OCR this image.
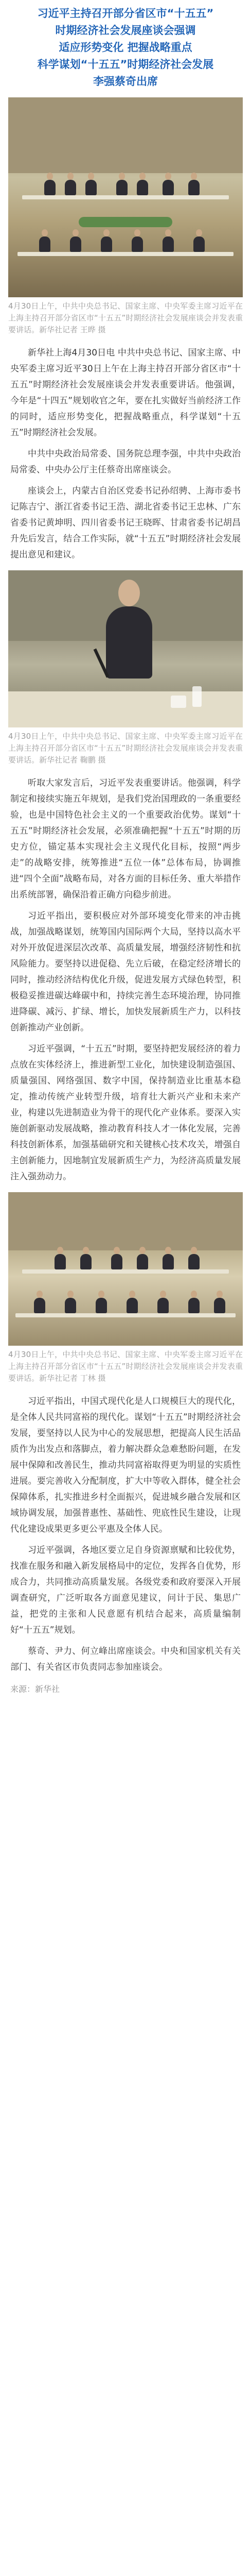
习近平主持召开部分省区市“十五五”
时期经济社会发展座谈会强调
适应形势变化 把握战略重点
科学谋划“十五五”时期经济社会发展
李强蔡奇出席
4月30日上午，中共中央总书记、国家主席、中央军委主席习近平在上海主持召开部分省区市“十五五”时期经济社会发展座谈会并发表重要讲话。新华社记者 王晔 摄

新华社上海4月30日电 中共中央总书记、国家主席、中央军委主席习近平30日上午在上海主持召开部分省区市“十五五”时期经济社会发展座谈会并发表重要讲话。他强调，今年是“十四五”规划收官之年，要在扎实做好当前经济工作的同时，适应形势变化，把握战略重点，科学谋划“十五五”时期经济社会发展。

中共中央政治局常委、国务院总理李强，中共中央政治局常委、中央办公厅主任蔡奇出席座谈会。

座谈会上，内蒙古自治区党委书记孙绍骋、上海市委书记陈吉宁、浙江省委书记王浩、湖北省委书记王忠林、广东省委书记黄坤明、四川省委书记王晓晖、甘肃省委书记胡昌升先后发言，结合工作实际，就“十五五”时期经济社会发展提出意见和建议。

4月30日上午，中共中央总书记、国家主席、中央军委主席习近平在上海主持召开部分省区市“十五五”时期经济社会发展座谈会并发表重要讲话。新华社记者 鞠鹏 摄

听取大家发言后，习近平发表重要讲话。他强调，科学制定和接续实施五年规划，是我们党治国理政的一条重要经验，也是中国特色社会主义的一个重要政治优势。谋划“十五五”时期经济社会发展，必须准确把握“十五五”时期的历史方位，锚定基本实现社会主义现代化目标，按照“两步走”的战略安排，统筹推进“五位一体”总体布局，协调推进“四个全面”战略布局，对各方面的目标任务、重大举措作出系统部署，确保沿着正确方向稳步前进。

习近平指出，要积极应对外部环境变化带来的冲击挑战，加强战略谋划，统筹国内国际两个大局，坚持以高水平对外开放促进深层次改革、高质量发展，增强经济韧性和抗风险能力。要坚持以进促稳、先立后破，在稳定经济增长的同时，推动经济结构优化升级，促进发展方式绿色转型，积极稳妥推进碳达峰碳中和，持续完善生态环境治理，协同推进降碳、减污、扩绿、增长，加快发展新质生产力，以科技创新推动产业创新。

习近平强调，“十五五”时期，要坚持把发展经济的着力点放在实体经济上，推进新型工业化，加快建设制造强国、质量强国、网络强国、数字中国，保持制造业比重基本稳定，推动传统产业转型升级，培育壮大新兴产业和未来产业，构建以先进制造业为骨干的现代化产业体系。要深入实施创新驱动发展战略，推动教育科技人才一体化发展，完善科技创新体系，加强基础研究和关键核心技术攻关，增强自主创新能力，因地制宜发展新质生产力，为经济高质量发展注入强劲动力。

4月30日上午，中共中央总书记、国家主席、中央军委主席习近平在上海主持召开部分省区市“十五五”时期经济社会发展座谈会并发表重要讲话。新华社记者 丁林 摄

习近平指出，中国式现代化是人口规模巨大的现代化，是全体人民共同富裕的现代化。谋划“十五五”时期经济社会发展，要坚持以人民为中心的发展思想，把提高人民生活品质作为出发点和落脚点，着力解决群众急难愁盼问题，在发展中保障和改善民生，推动共同富裕取得更为明显的实质性进展。要完善收入分配制度，扩大中等收入群体，健全社会保障体系，扎实推进乡村全面振兴，促进城乡融合发展和区域协调发展，加强普惠性、基础性、兜底性民生建设，让现代化建设成果更多更公平惠及全体人民。

习近平强调，各地区要立足自身资源禀赋和比较优势，找准在服务和融入新发展格局中的定位，发挥各自优势，形成合力，共同推动高质量发展。各级党委和政府要深入开展调查研究，广泛听取各方面意见建议，问计于民、集思广益，把党的主张和人民意愿有机结合起来，高质量编制好“十五五”规划。

蔡奇、尹力、何立峰出席座谈会。中央和国家机关有关部门、有关省区市负责同志参加座谈会。

来源：新华社
